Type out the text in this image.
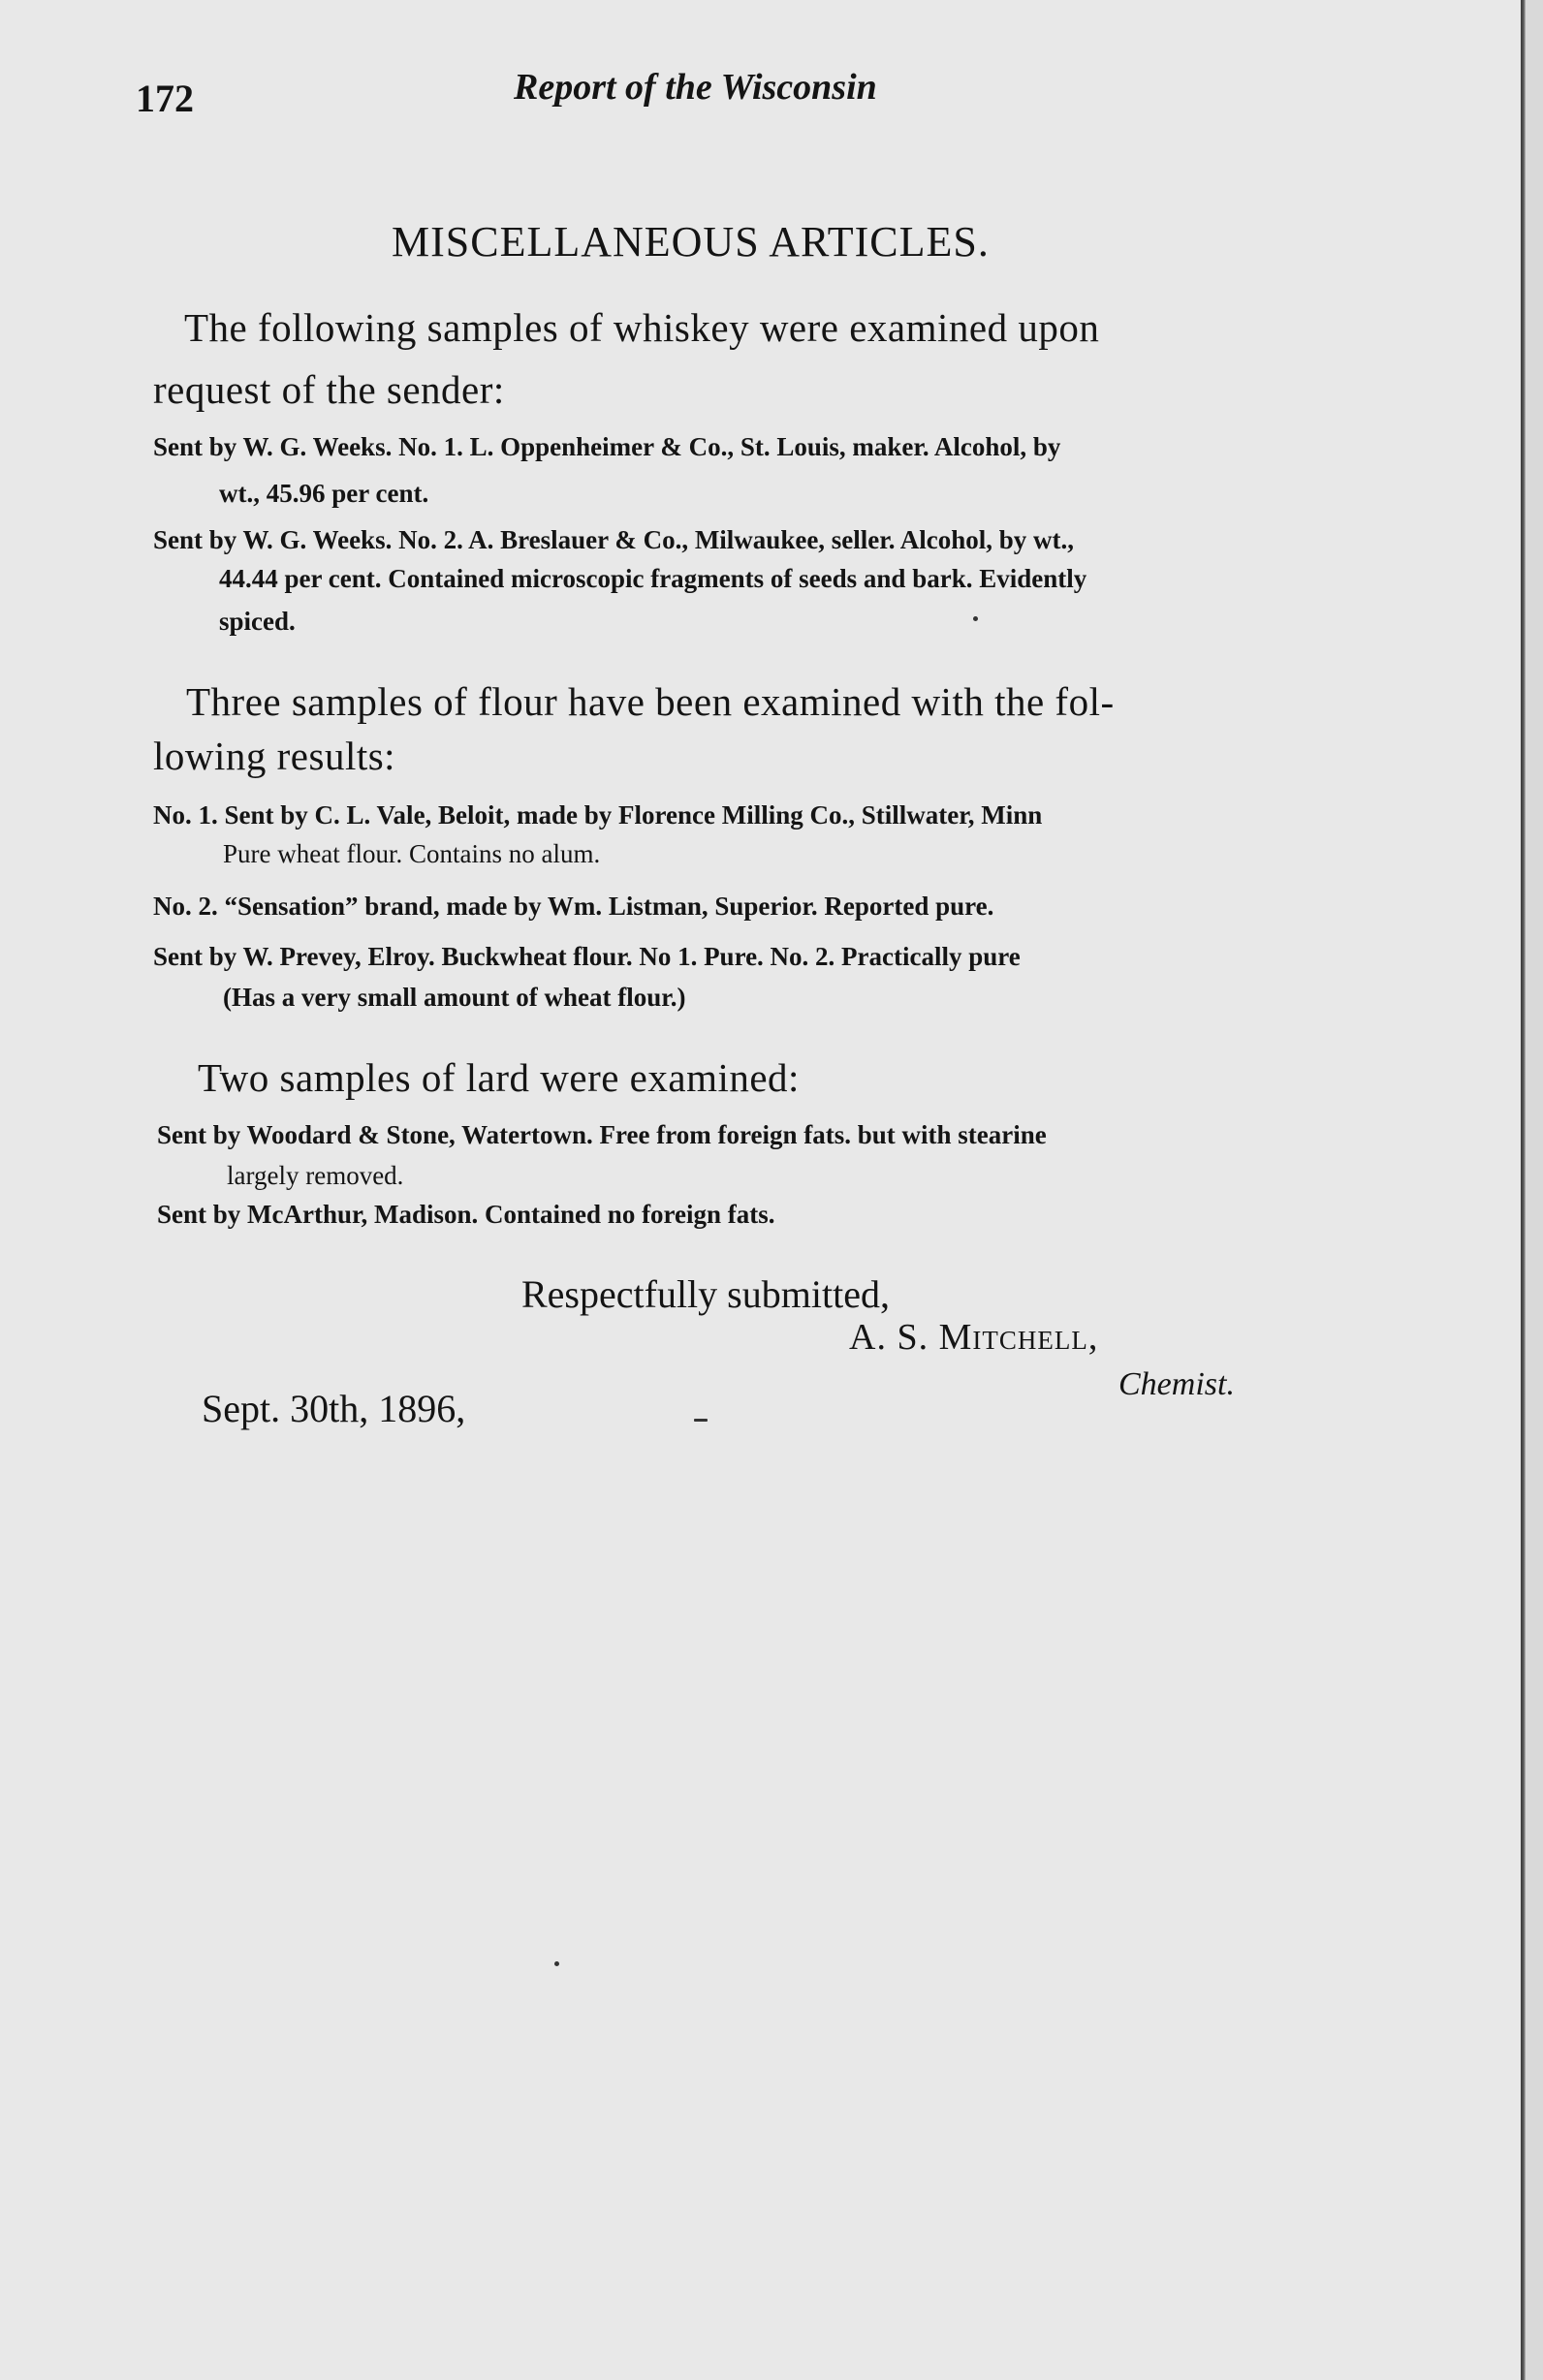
172	Report of the Wisconsin
MISCELLANEOUS ARTICLES.
The following samples of whiskey were examined upon
request of the sender:
Sent by W. G. Weeks. No. 1. L. Oppenheimer & Co., St. Louis, maker. Alcohol, by
wt., 45.96 per cent.
Sent by W. G. Weeks. No. 2. A. Breslauer & Co., Milwaukee, seller. Alcohol, by wt.,
44.44 per cent. Contained microscopic fragments of seeds and bark. Evidently
spiced.
Three samples of flour have been examined with the fol-
lowing results:
No. 1. Sent by C. L. Vale, Beloit, made by Florence Milling Co., Stillwater, Minn
Pure wheat flour. Contains no alum.
No. 2. “Sensation” brand, made by Wm. Listman, Superior. Reported pure.
Sent by W. Prevey, Elroy. Buckwheat flour. No 1. Pure. No. 2. Practically pure
(Has a very small amount of wheat flour.)
Two samples of lard were examined:
Sent by Woodard & Stone, Watertown. Free from foreign fats. but with stearine
largely removed.
Sent by McArthur, Madison. Contained no foreign fats.
Respectfully submitted,
A. S. Mitchell,
Chemist.
Sept. 30th, 1896,
